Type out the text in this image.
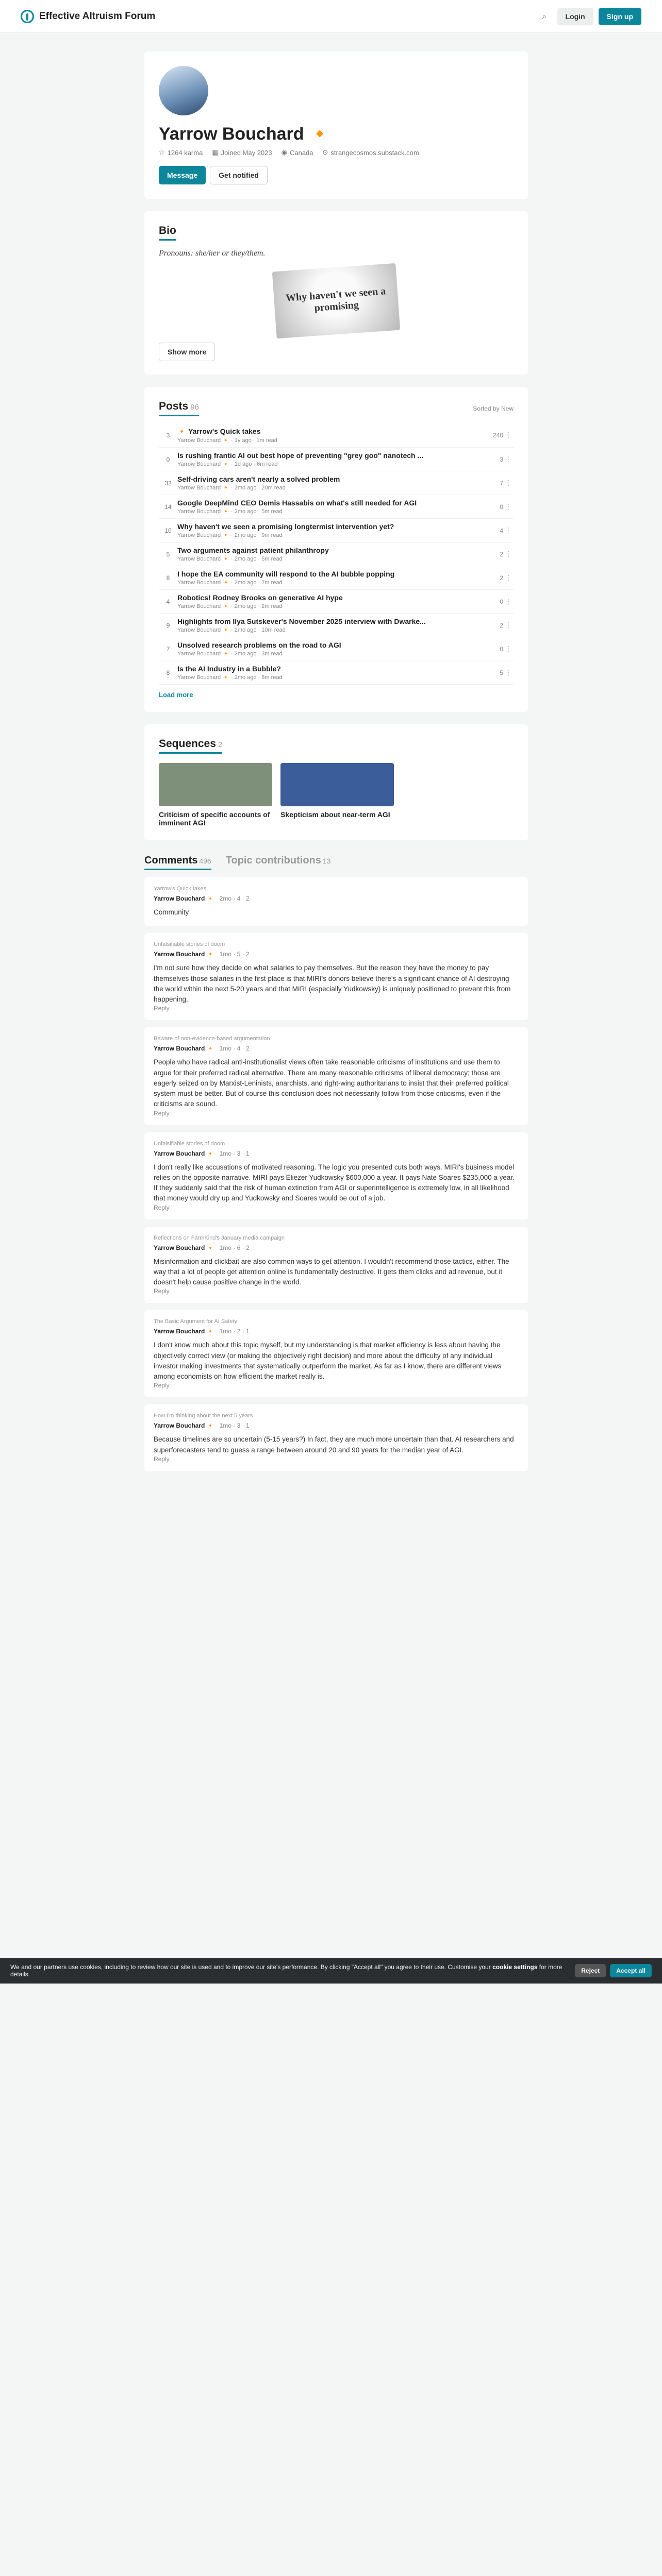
Effective Altruism Forum	⌕	Login	Sign up
Yarrow Bouchard 🔸
☆ 1264 karma ▦ Joined May 2023 ◉ Canada ⊙ strangecosmos.substack.com
Message	Get notified
Bio

Pronouns: she/her or they/them.

Why haven't we seen a promising
Show more
Posts 96	Sorted by New
3	🔸 Yarrow's Quick takes
Yarrow Bouchard 🔸 · 1y ago · 1m read
240 ⋮
0	Is rushing frantic AI out best hope of preventing "grey goo" nanotech ...
Yarrow Bouchard 🔸 · 1d ago · 6m read
3 ⋮
32 Self-driving cars aren't nearly a solved problem
Yarrow Bouchard 🔸 · 2mo ago · 20m read
7 ⋮
14 Google DeepMind CEO Demis Hassabis on what's still needed for AGI
Yarrow Bouchard 🔸 · 2mo ago · 5m read
0 ⋮
10 Why haven't we seen a promising longtermist intervention yet?
Yarrow Bouchard 🔸 · 2mo ago · 9m read
4 ⋮
5	Two arguments against patient philanthropy
Yarrow Bouchard 🔸 · 2mo ago · 5m read
2 ⋮
8	I hope the EA community will respond to the AI bubble popping
Yarrow Bouchard 🔸 · 2mo ago · 7m read
2 ⋮
4	Robotics! Rodney Brooks on generative AI hype
Yarrow Bouchard 🔸 · 2mo ago · 2m read
0 ⋮
9	Highlights from Ilya Sutskever's November 2025 interview with Dwarke...
Yarrow Bouchard 🔸 · 2mo ago · 10m read
2 ⋮
7	Unsolved research problems on the road to AGI
Yarrow Bouchard 🔸 · 2mo ago · 3m read
0 ⋮
8	Is the AI Industry in a Bubble?
Yarrow Bouchard 🔸 · 2mo ago · 8m read
5 ⋮
Load more
Sequences 2
Criticism of specific accounts of imminent AGI
Skepticism about near-term AGI
Comments 496 Topic contributions 13
Yarrow's Quick takes
Yarrow Bouchard 🔸 2mo · 4 · 2
Community
Unfalsifiable stories of doom
Yarrow Bouchard 🔸 1mo · 5 · 2
I'm not sure how they decide on what salaries to pay themselves. But the reason they have the money to pay themselves those salaries in the first place is that MIRI's donors believe there's a significant chance of AI destroying the world within the next 5-20 years and that MIRI (especially Yudkowsky) is uniquely positioned to prevent this from happening.
Reply
Beware of non-evidence-based argumentation
Yarrow Bouchard 🔸 1mo · 4 · 2
People who have radical anti-institutionalist views often take reasonable criticisms of institutions and use them to argue for their preferred radical alternative. There are many reasonable criticisms of liberal democracy; those are eagerly seized on by Marxist-Leninists, anarchists, and right-wing authoritarians to insist that their preferred political system must be better. But of course this conclusion does not necessarily follow from those criticisms, even if the criticisms are sound.
Reply
Unfalsifiable stories of doom
Yarrow Bouchard 🔸 1mo · 3 · 1
I don't really like accusations of motivated reasoning. The logic you presented cuts both ways. MIRI's business model relies on the opposite narrative. MIRI pays Eliezer Yudkowsky $600,000 a year. It pays Nate Soares $235,000 a year. If they suddenly said that the risk of human extinction from AGI or superintelligence is extremely low, in all likelihood that money would dry up and Yudkowsky and Soares would be out of a job.
Reply
Reflections on FarmKind's January media campaign
Yarrow Bouchard 🔸 1mo · 6 · 2
Misinformation and clickbait are also common ways to get attention. I wouldn't recommend those tactics, either. The way that a lot of people get attention online is fundamentally destructive. It gets them clicks and ad revenue, but it doesn't help cause positive change in the world.
Reply
The Basic Argument for AI Safety
Yarrow Bouchard 🔸 1mo · 2 · 1
I don't know much about this topic myself, but my understanding is that market efficiency is less about having the objectively correct view (or making the objectively right decision) and more about the difficulty of any individual investor making investments that systematically outperform the market. As far as I know, there are different views among economists on how efficient the market really is.
Reply
How I'm thinking about the next 5 years
Yarrow Bouchard 🔸 1mo · 3 · 1
Because timelines are so uncertain (5-15 years?) In fact, they are much more uncertain than that. AI researchers and superforecasters tend to guess a range between around 20 and 90 years for the median year of AGI.
Reply
We and our partners use cookies, including to review how our site is used and to improve our site's performance. By clicking "Accept all" you agree to their use. Customise your cookie settings for more details.	Reject	Accept all
